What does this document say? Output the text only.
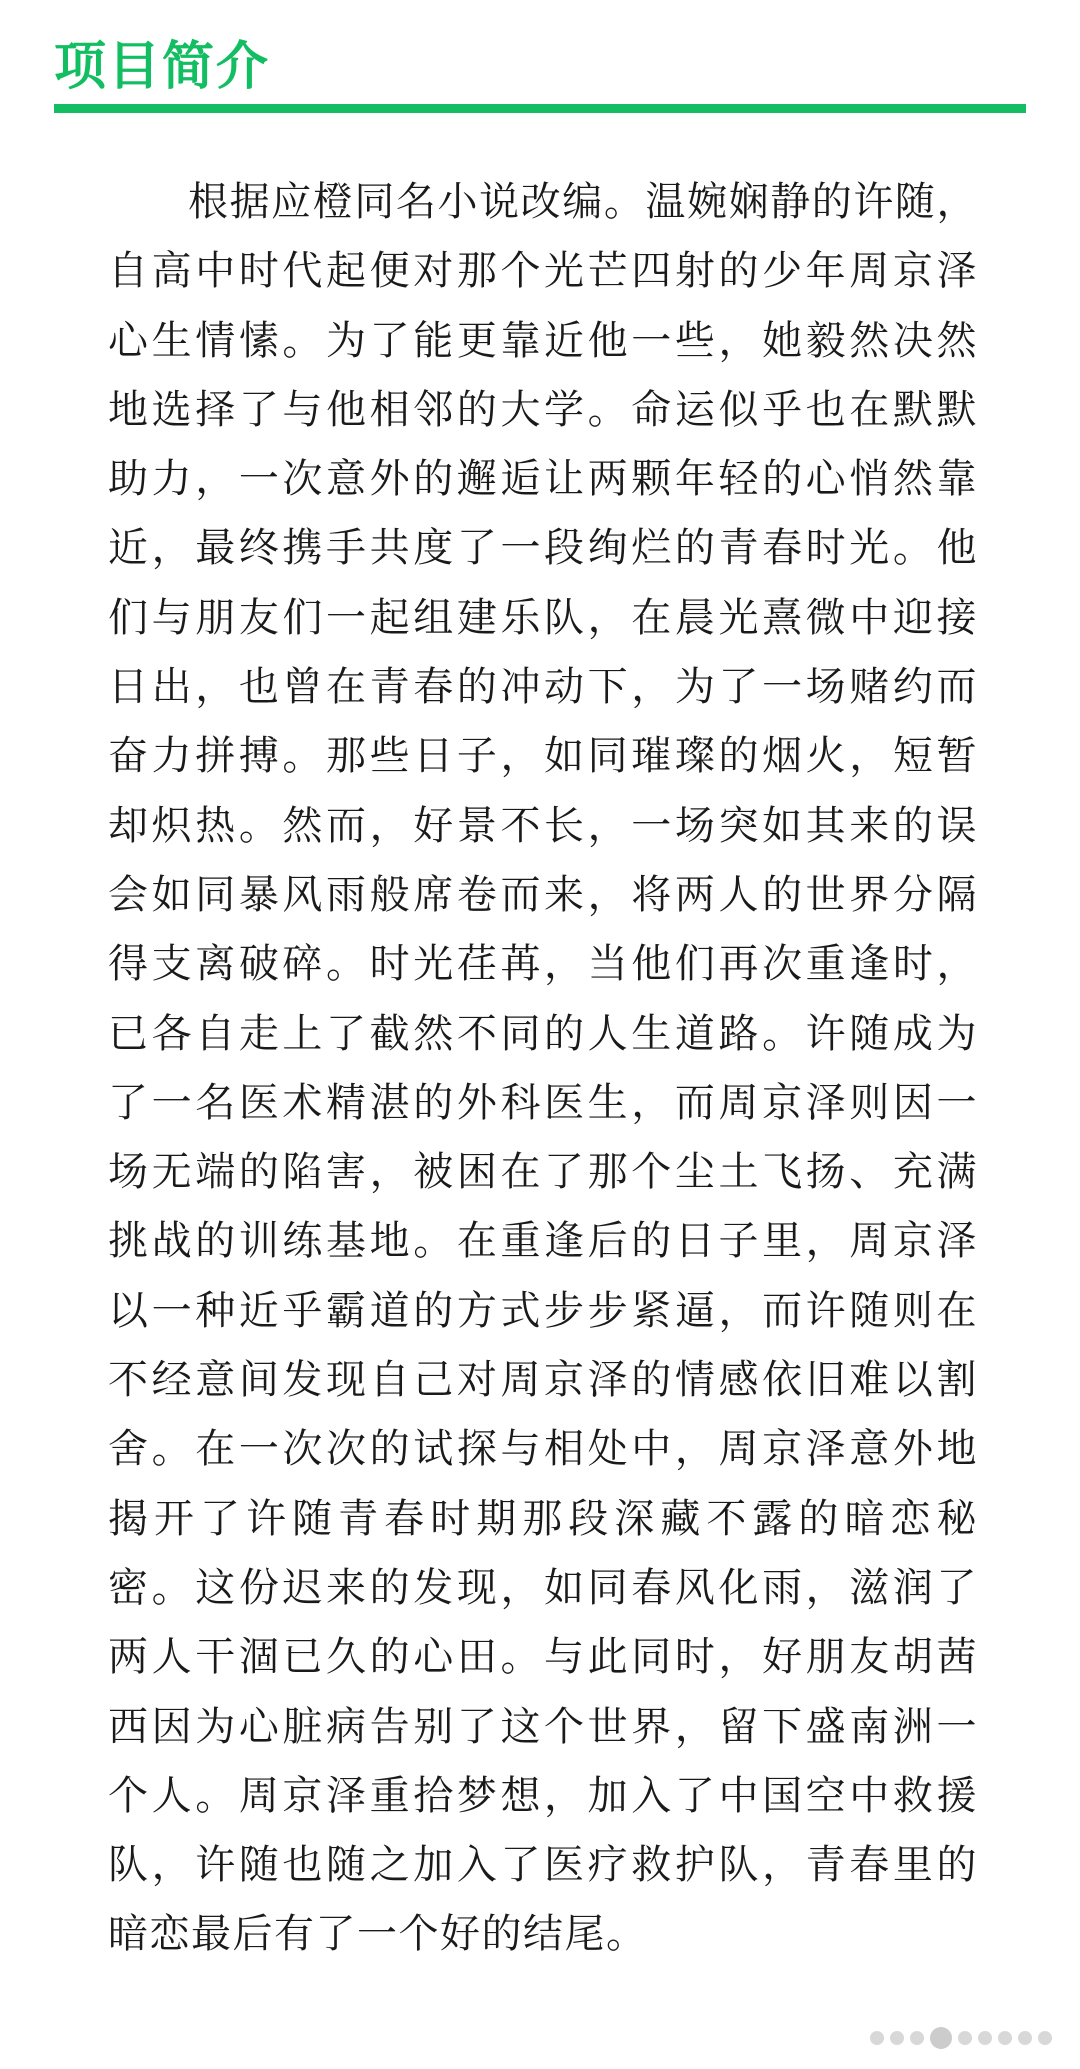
项目简介

根据应橙同名小说改编。温婉娴静的许随，自高中时代起便对那个光芒四射的少年周京泽心生情愫。为了能更靠近他一些，她毅然决然地选择了与他相邻的大学。命运似乎也在默默助力，一次意外的邂逅让两颗年轻的心悄然靠近，最终携手共度了一段绚烂的青春时光。他们与朋友们一起组建乐队，在晨光熹微中迎接日出，也曾在青春的冲动下，为了一场赌约而奋力拼搏。那些日子，如同璀璨的烟火，短暂却炽热。然而，好景不长，一场突如其来的误会如同暴风雨般席卷而来，将两人的世界分隔得支离破碎。时光荏苒，当他们再次重逢时，已各自走上了截然不同的人生道路。许随成为了一名医术精湛的外科医生，而周京泽则因一场无端的陷害，被困在了那个尘土飞扬、充满挑战的训练基地。在重逢后的日子里，周京泽以一种近乎霸道的方式步步紧逼，而许随则在不经意间发现自己对周京泽的情感依旧难以割舍。在一次次的试探与相处中，周京泽意外地揭开了许随青春时期那段深藏不露的暗恋秘密。这份迟来的发现，如同春风化雨，滋润了两人干涸已久的心田。与此同时，好朋友胡茜西因为心脏病告别了这个世界，留下盛南洲一个人。周京泽重拾梦想，加入了中国空中救援队，许随也随之加入了医疗救护队，青春里的暗恋最后有了一个好的结尾。
